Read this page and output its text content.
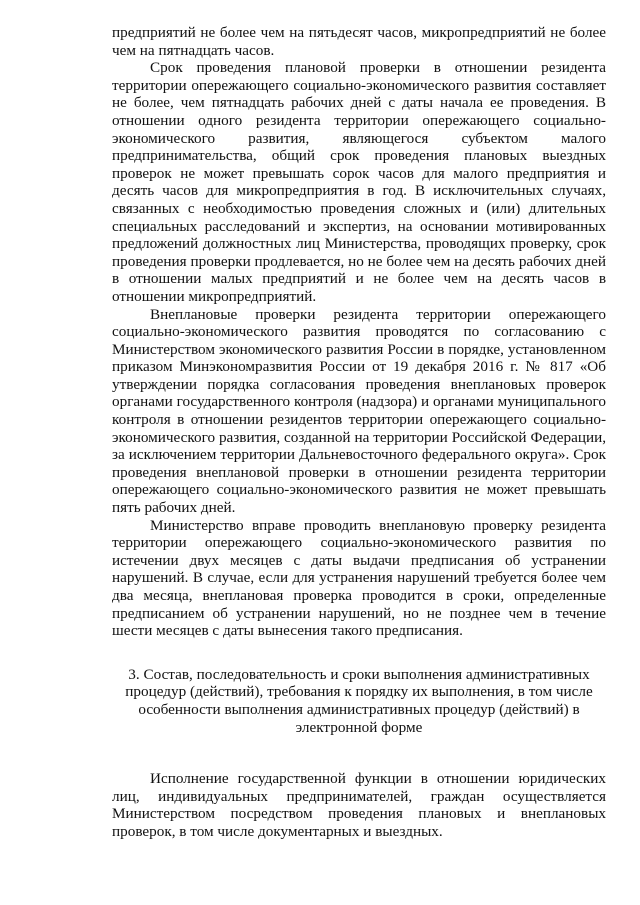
предприятий не более чем на пятьдесят часов, микропредприятий не более чем на пятнадцать часов.

Срок проведения плановой проверки в отношении резидента территории опережающего социально-экономического развития составляет не более, чем пятнадцать рабочих дней с даты начала ее проведения. В отношении одного резидента территории опережающего социально-экономического развития, являющегося субъектом малого предпринимательства, общий срок проведения плановых выездных проверок не может превышать сорок часов для малого предприятия и десять часов для микропредприятия в год. В исключительных случаях, связанных с необходимостью проведения сложных и (или) длительных специальных расследований и экспертиз, на основании мотивированных предложений должностных лиц Министерства, проводящих проверку, срок проведения проверки продлевается, но не более чем на десять рабочих дней в отношении малых предприятий и не более чем на десять часов в отношении микропредприятий.

Внеплановые проверки резидента территории опережающего социально-экономического развития проводятся по согласованию с Министерством экономического развития России в порядке, установленном приказом Минэкономразвития России от 19 декабря 2016 г. № 817 «Об утверждении порядка согласования проведения внеплановых проверок органами государственного контроля (надзора) и органами муниципального контроля в отношении резидентов территории опережающего социально-экономического развития, созданной на территории Российской Федерации, за исключением территории Дальневосточного федерального округа». Срок проведения внеплановой проверки в отношении резидента территории опережающего социально-экономического развития не может превышать пять рабочих дней.

Министерство вправе проводить внеплановую проверку резидента территории опережающего социально-экономического развития по истечении двух месяцев с даты выдачи предписания об устранении нарушений. В случае, если для устранения нарушений требуется более чем два месяца, внеплановая проверка проводится в сроки, определенные предписанием об устранении нарушений, но не позднее чем в течение шести месяцев с даты вынесения такого предписания.

3. Состав, последовательность и сроки выполнения административных процедур (действий), требования к порядку их выполнения, в том числе особенности выполнения административных процедур (действий) в электронной форме

Исполнение государственной функции в отношении юридических лиц, индивидуальных предпринимателей, граждан осуществляется Министерством посредством проведения плановых и внеплановых проверок, в том числе документарных и выездных.
